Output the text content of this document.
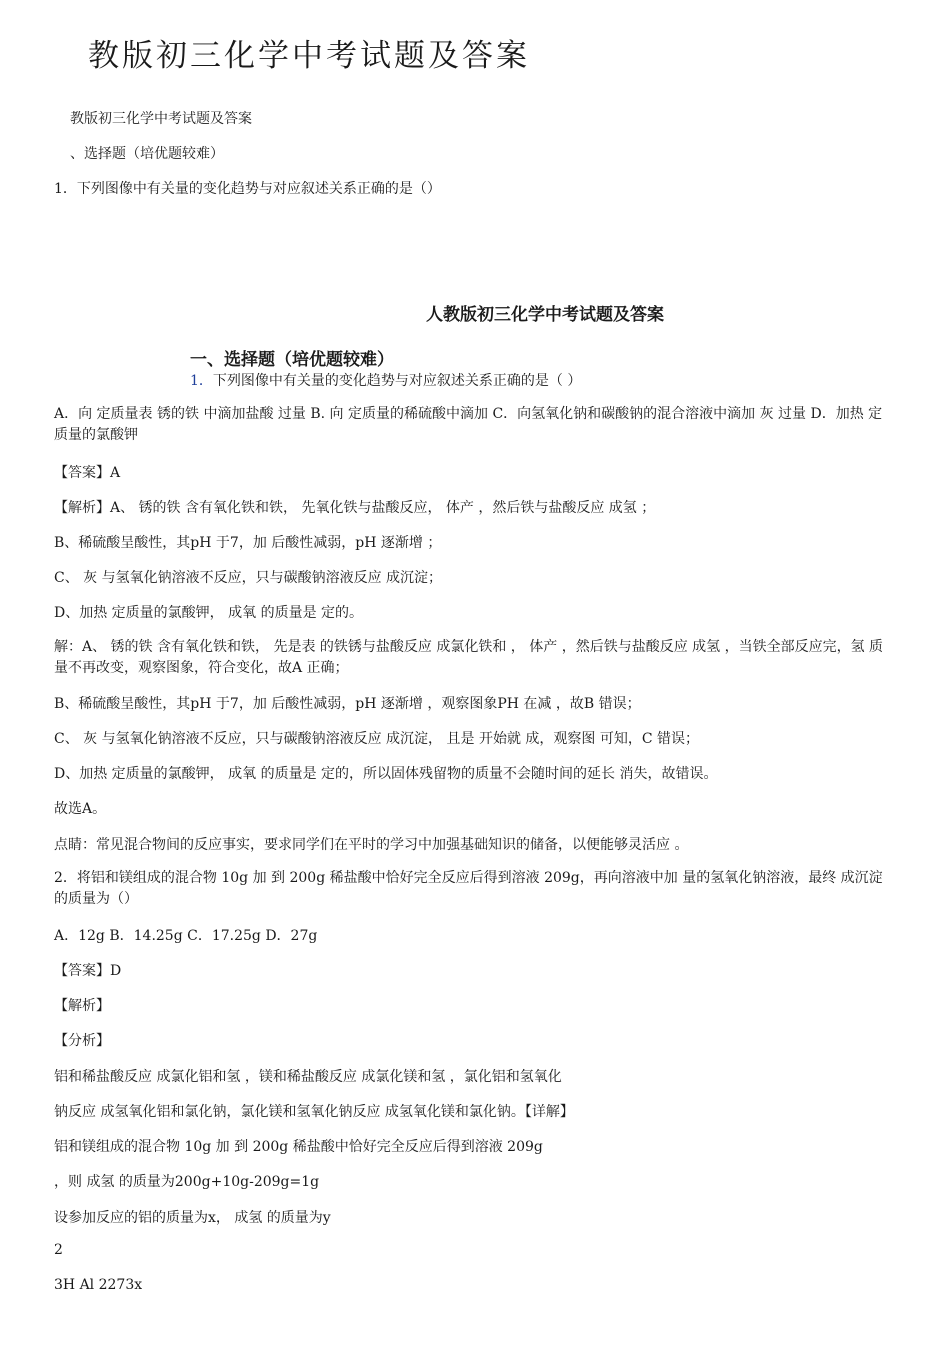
教版初三化学中考试题及答案
教版初三化学中考试题及答案
、选择题（培优题较难）
1．下列图像中有关量的变化趋势与对应叙述关系正确的是（）
人教版初三化学中考试题及答案
一、选择题（培优题较难）
1．下列图像中有关量的变化趋势与对应叙述关系正确的是（ ）
A．向 定质量表 锈的铁 中滴加盐酸 过量 B. 向 定质量的稀硫酸中滴加 C．向氢氧化钠和碳酸钠的混合溶液中滴加 灰 过量 D．加热 定质量的氯酸钾
【答案】A
【解析】A、 锈的铁 含有氧化铁和铁， 先氧化铁与盐酸反应， 体产 ，然后铁与盐酸反应 成氢 ；
B、稀硫酸呈酸性，其pH 于7，加 后酸性减弱，pH 逐渐增 ；
C、 灰 与氢氧化钠溶液不反应，只与碳酸钠溶液反应 成沉淀；
D、加热 定质量的氯酸钾， 成氧 的质量是 定的。
解：A、 锈的铁 含有氧化铁和铁， 先是表 的铁锈与盐酸反应 成氯化铁和 ， 体产 ，然后铁与盐酸反应 成氢 ，当铁全部反应完，氢 质量不再改变，观察图象，符合变化，故A 正确；
B、稀硫酸呈酸性，其pH 于7，加 后酸性减弱，pH 逐渐增 ，观察图象PH 在减 ，故B 错误；
C、 灰 与氢氧化钠溶液不反应，只与碳酸钠溶液反应 成沉淀， 且是 开始就 成，观察图 可知，C 错误；
D、加热 定质量的氯酸钾， 成氧 的质量是 定的，所以固体残留物的质量不会随时间的延长 消失，故错误。
故选A。
点睛：常见混合物间的反应事实，要求同学们在平时的学习中加强基础知识的储备，以便能够灵活应 。
2．将铝和镁组成的混合物 10g 加 到 200g 稀盐酸中恰好完全反应后得到溶液 209g，再向溶液中加 量的氢氧化钠溶液，最终 成沉淀的质量为（）
A．12g B．14.25g C．17.25g D．27g
【答案】D
【解析】
【分析】
铝和稀盐酸反应 成氯化铝和氢 ，镁和稀盐酸反应 成氯化镁和氢 ，氯化铝和氢氧化
钠反应 成氢氧化铝和氯化钠，氯化镁和氢氧化钠反应 成氢氧化镁和氯化钠。【详解】
铝和镁组成的混合物 10g 加 到 200g 稀盐酸中恰好完全反应后得到溶液 209g
，则 成氢 的质量为200g+10g-209g=1g
设参加反应的铝的质量为x， 成氢 的质量为y
2
3H Al 2273x
